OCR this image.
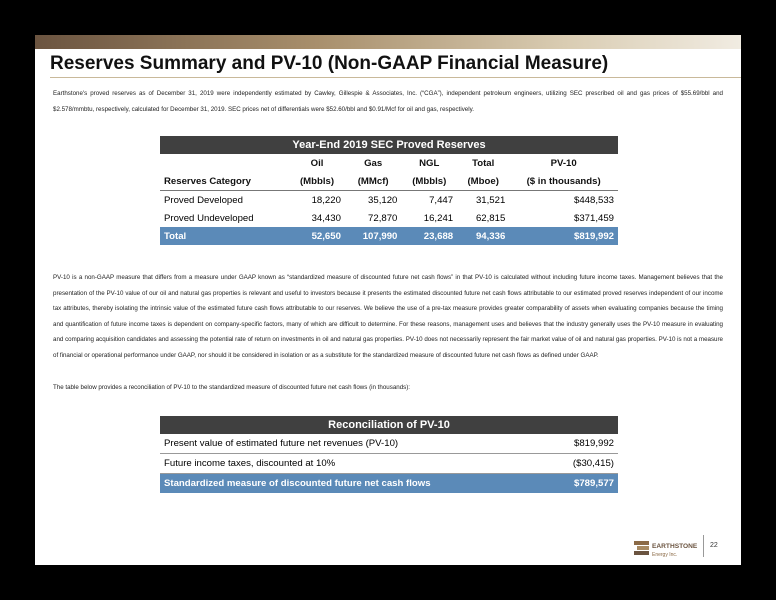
Reserves Summary and PV-10 (Non-GAAP Financial Measure)
Earthstone's proved reserves as of December 31, 2019 were independently estimated by Cawley, Gillespie & Associates, Inc. (“CGA”), independent petroleum engineers, utilizing SEC prescribed oil and gas prices of $55.69/bbl and $2.578/mmbtu, respectively, calculated for December 31, 2019. SEC prices net of differentials were $52.60/bbl and $0.91/Mcf for oil and gas, respectively.
Year-End 2019 SEC Proved Reserves
	Oil	Gas	NGL	Total	PV-10
Reserves Category	(Mbbls)	(MMcf)	(Mbbls)	(Mboe)	($ in thousands)
Proved Developed	18,220	35,120	7,447	31,521	$448,533
Proved Undeveloped	34,430	72,870	16,241	62,815	$371,459
Total	52,650	107,990	23,688	94,336	$819,992
PV-10 is a non-GAAP measure that differs from a measure under GAAP known as “standardized measure of discounted future net cash flows” in that PV-10 is calculated without including future income taxes. Management believes that the presentation of the PV-10 value of our oil and natural gas properties is relevant and useful to investors because it presents the estimated discounted future net cash flows attributable to our estimated proved reserves independent of our income tax attributes, thereby isolating the intrinsic value of the estimated future cash flows attributable to our reserves. We believe the use of a pre-tax measure provides greater comparability of assets when evaluating companies because the timing and quantification of future income taxes is dependent on company-specific factors, many of which are difficult to determine. For these reasons, management uses and believes that the industry generally uses the PV-10 measure in evaluating and comparing acquisition candidates and assessing the potential rate of return on investments in oil and natural gas properties. PV-10 does not necessarily represent the fair market value of oil and natural gas properties. PV-10 is not a measure of financial or operational performance under GAAP, nor should it be considered in isolation or as a substitute for the standardized measure of discounted future net cash flows as defined under GAAP.
The table below provides a reconciliation of PV-10 to the standardized measure of discounted future net cash flows (in thousands):
Reconciliation of PV-10
Present value of estimated future net revenues (PV-10)	$819,992
Future income taxes, discounted at 10%	($30,415)
Standardized measure of discounted future net cash flows	$789,577
EARTHSTONE
Energy Inc.
22
